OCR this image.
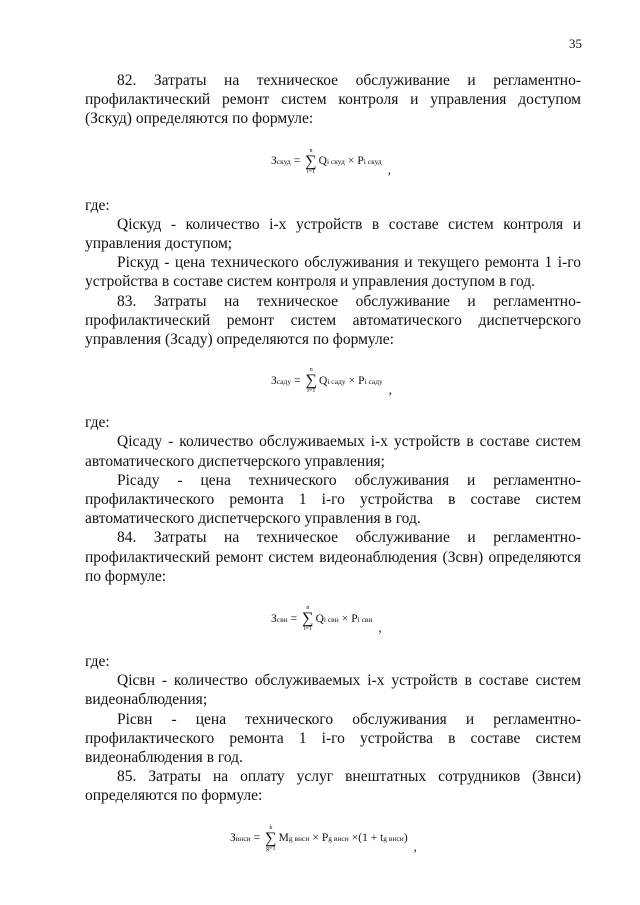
35

82. Затраты на техническое обслуживание и регламентно-профилактический ремонт систем контроля и управления доступом (Зскуд) определяются по формуле:

З скуд =
n
∑
i=1
Q i скуд × P i скуд
,

где:

Qiскуд - количество i-х устройств в составе систем контроля и управления доступом;

Piскуд - цена технического обслуживания и текущего ремонта 1 i-го устройства в составе систем контроля и управления доступом в год.

83. Затраты на техническое обслуживание и регламентно-профилактический ремонт систем автоматического диспетчерского управления (Зсаду) определяются по формуле:

З саду =
n
∑
i=1
Q i саду × P i саду
,

где:

Qiсаду - количество обслуживаемых i-х устройств в составе систем автоматического диспетчерского управления;

Piсаду - цена технического обслуживания и регламентно-профилактического ремонта 1 i-го устройства в составе систем автоматического диспетчерского управления в год.

84. Затраты на техническое обслуживание и регламентно-профилактический ремонт систем видеонаблюдения (Зсвн) определяются по формуле:

З свн =
n
∑
i=1
Q i свн × P i свн
,

где:

Qiсвн - количество обслуживаемых i-х устройств в составе систем видеонаблюдения;

Piсвн - цена технического обслуживания и регламентно-профилактического ремонта 1 i-го устройства в составе систем видеонаблюдения в год.

85. Затраты на оплату услуг внештатных сотрудников (Звнси) определяются по формуле:

З внси =
k
∑
g=1
M g внси × P g внси ×(1 + t g внси )
,
